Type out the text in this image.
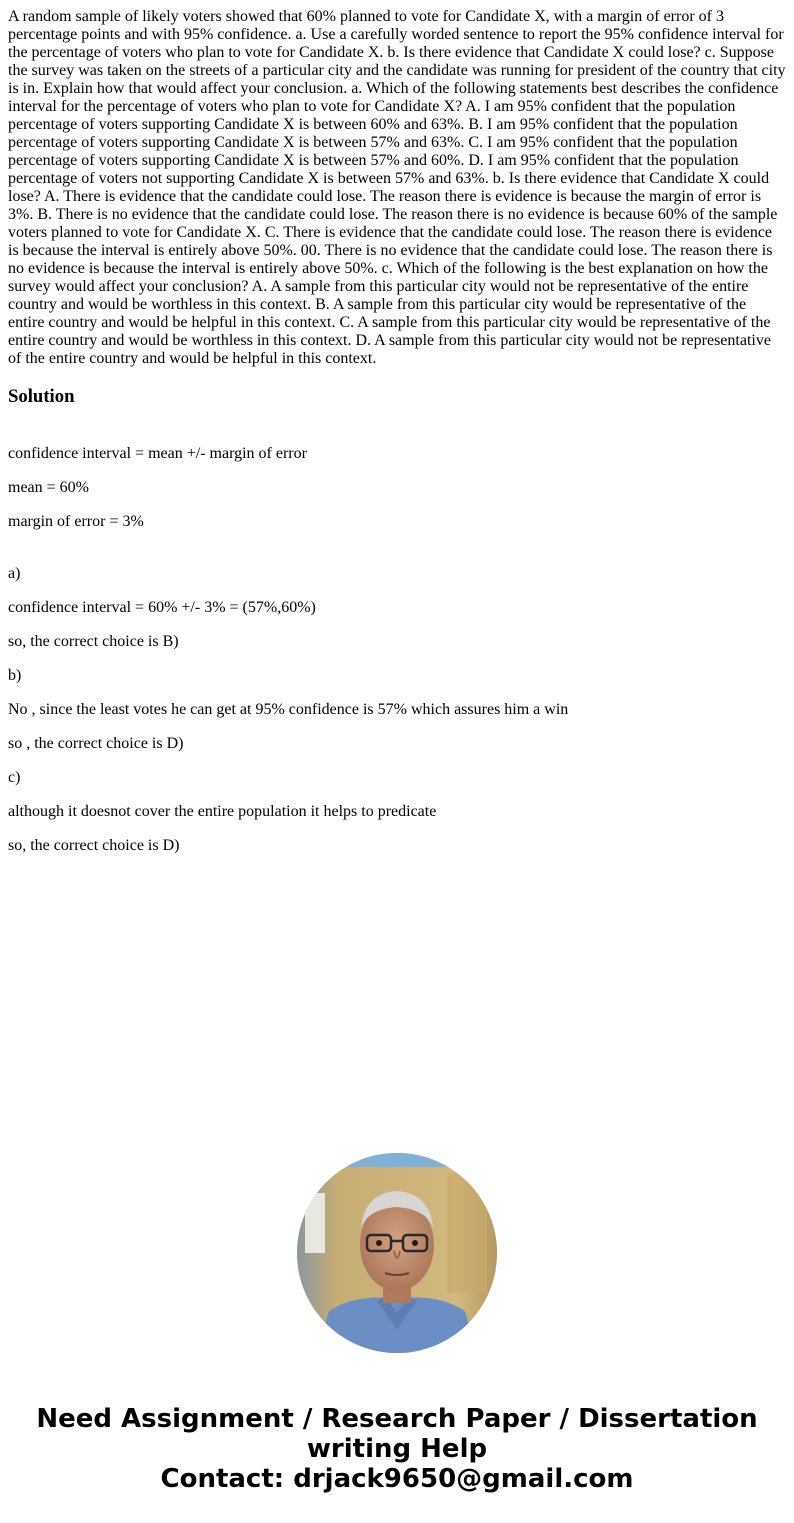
A random sample of likely voters showed that 60% planned to vote for Candidate X, with a margin of error of 3 percentage points and with 95% confidence. a. Use a carefully worded sentence to report the 95% confidence interval for the percentage of voters who plan to vote for Candidate X. b. Is there evidence that Candidate X could lose? c. Suppose the survey was taken on the streets of a particular city and the candidate was running for president of the country that city is in. Explain how that would affect your conclusion. a. Which of the following statements best describes the confidence interval for the percentage of voters who plan to vote for Candidate X? A. I am 95% confident that the population percentage of voters supporting Candidate X is between 60% and 63%. B. I am 95% confident that the population percentage of voters supporting Candidate X is between 57% and 63%. C. I am 95% confident that the population percentage of voters supporting Candidate X is between 57% and 60%. D. I am 95% confident that the population percentage of voters not supporting Candidate X is between 57% and 63%. b. Is there evidence that Candidate X could lose? A. There is evidence that the candidate could lose. The reason there is evidence is because the margin of error is 3%. B. There is no evidence that the candidate could lose. The reason there is no evidence is because 60% of the sample voters planned to vote for Candidate X. C. There is evidence that the candidate could lose. The reason there is evidence is because the interval is entirely above 50%. 00. There is no evidence that the candidate could lose. The reason there is no evidence is because the interval is entirely above 50%. c. Which of the following is the best explanation on how the survey would affect your conclusion? A. A sample from this particular city would not be representative of the entire country and would be worthless in this context. B. A sample from this particular city would be representative of the entire country and would be helpful in this context. C. A sample from this particular city would be representative of the entire country and would be worthless in this context. D. A sample from this particular city would not be representative of the entire country and would be helpful in this context.

Solution

confidence interval = mean +/- margin of error

mean = 60%

margin of error = 3%

a)

confidence interval = 60% +/- 3% = (57%,60%)

so, the correct choice is B)

b)

No , since the least votes he can get at 95% confidence is 57% which assures him a win

so , the correct choice is D)

c)

although it doesnot cover the entire population it helps to predicate

so, the correct choice is D)

Need Assignment / Research Paper / Dissertation writing Help
Contact: drjack9650@gmail.com
